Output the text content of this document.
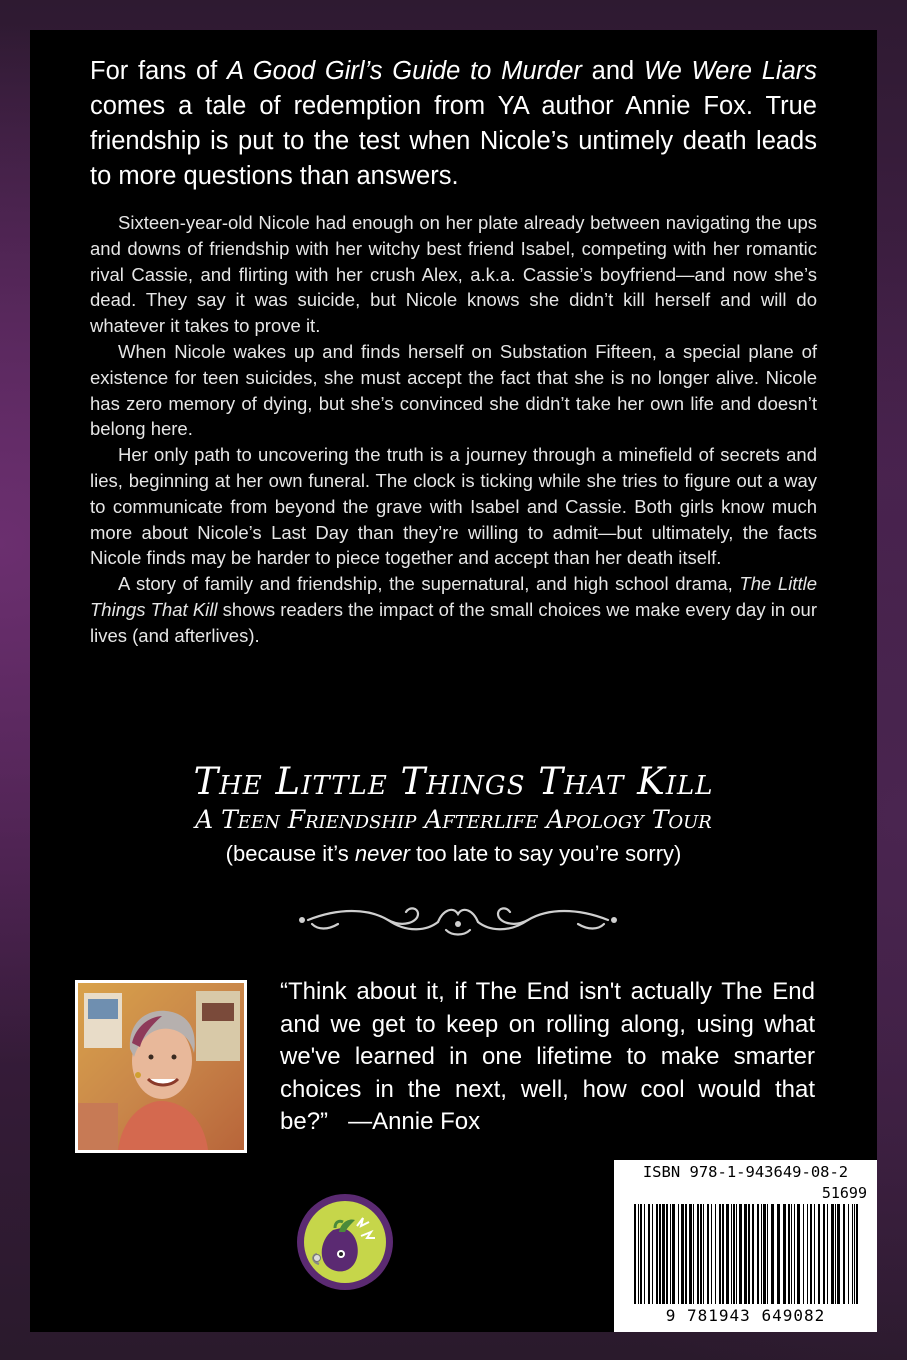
For fans of A Good Girl’s Guide to Murder and We Were Liars comes a tale of redemption from YA author Annie Fox. True friendship is put to the test when Nicole’s untimely death leads to more questions than answers.

Sixteen-year-old Nicole had enough on her plate already between navigating the ups and downs of friendship with her witchy best friend Isabel, competing with her romantic rival Cassie, and flirting with her crush Alex, a.k.a. Cassie’s boyfriend—and now she’s dead. They say it was suicide, but Nicole knows she didn’t kill herself and will do whatever it takes to prove it.

When Nicole wakes up and finds herself on Substation Fifteen, a special plane of existence for teen suicides, she must accept the fact that she is no longer alive. Nicole has zero memory of dying, but she’s convinced she didn’t take her own life and doesn’t belong here.

Her only path to uncovering the truth is a journey through a minefield of secrets and lies, beginning at her own funeral. The clock is ticking while she tries to figure out a way to communicate from beyond the grave with Isabel and Cassie. Both girls know much more about Nicole’s Last Day than they’re willing to admit—but ultimately, the facts Nicole finds may be harder to piece together and accept than her death itself.

A story of family and friendship, the supernatural, and high school drama, The Little Things That Kill shows readers the impact of the small choices we make every day in our lives (and afterlives).

The Little Things That Kill
A Teen Friendship Afterlife Apology Tour
(because it’s never too late to say you’re sorry)

“Think about it, if The End isn't actually The End and we get to keep on rolling along, using what we've learned in one lifetime to make smarter choices in the next, well, how cool would that be?” —Annie Fox

ISBN 978-1-943649-08-2
51699
9 781943 649082
